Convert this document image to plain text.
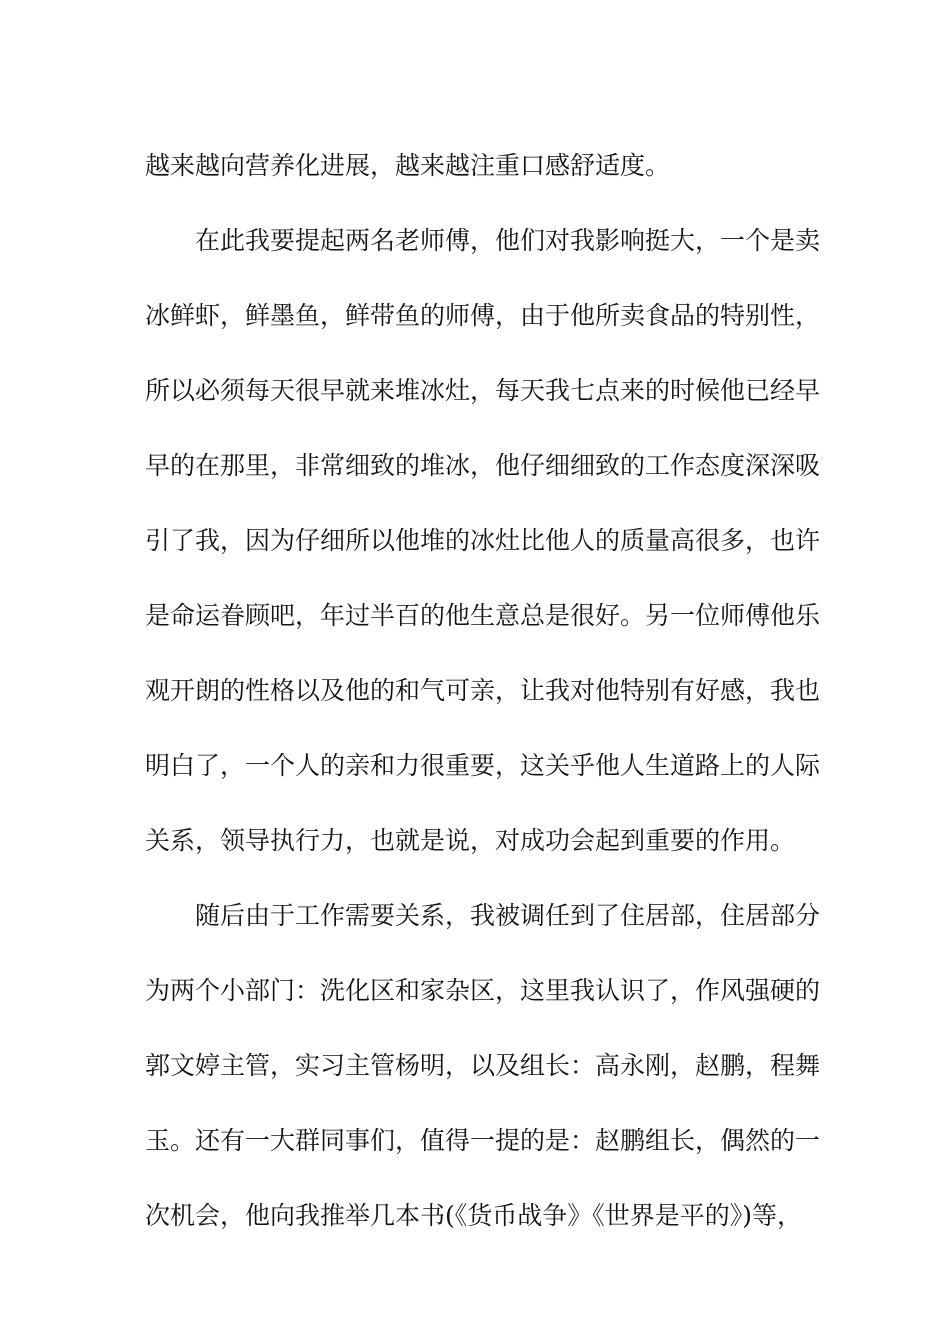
越来越向营养化进展，越来越注重口感舒适度。
在此我要提起两名老师傅，他们对我影响挺大，一个是卖
冰鲜虾，鲜墨鱼，鲜带鱼的师傅，由于他所卖食品的特别性，
所以必须每天很早就来堆冰灶，每天我七点来的时候他已经早
早的在那里，非常细致的堆冰，他仔细细致的工作态度深深吸
引了我，因为仔细所以他堆的冰灶比他人的质量高很多，也许
是命运眷顾吧，年过半百的他生意总是很好。另一位师傅他乐
观开朗的性格以及他的和气可亲，让我对他特别有好感，我也
明白了，一个人的亲和力很重要，这关乎他人生道路上的人际
关系，领导执行力，也就是说，对成功会起到重要的作用。
随后由于工作需要关系，我被调任到了住居部，住居部分
为两个小部门：洗化区和家杂区，这里我认识了，作风强硬的
郭文婷主管，实习主管杨明，以及组长：高永刚，赵鹏，程舞
玉。还有一大群同事们，值得一提的是：赵鹏组长，偶然的一
次机会，他向我推举几本书(《货币战争》《世界是平的》)等，
